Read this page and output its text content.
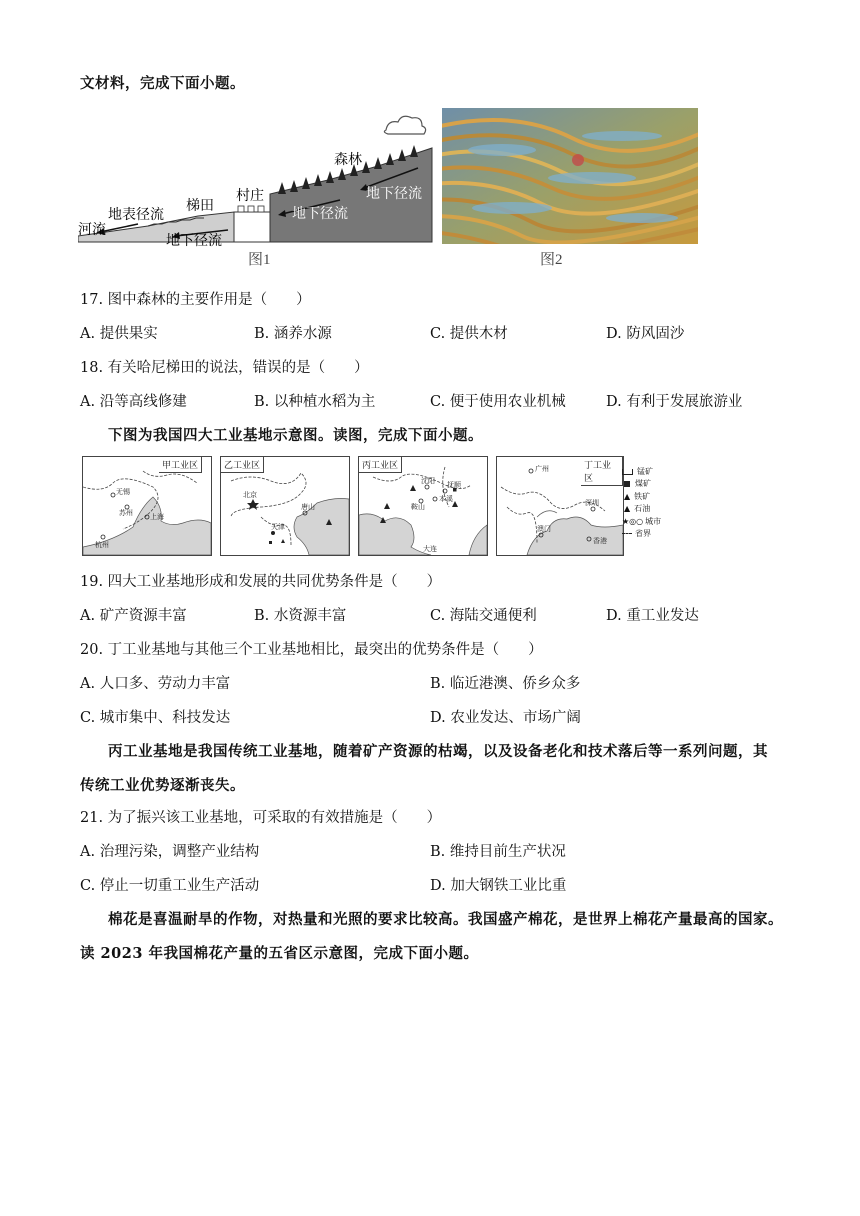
文材料，完成下面小题。
森林
梯田
村庄
地表径流
河流
地下径流
地下径流
地下径流
图1	图2
17. 图中森林的主要作用是（　　）
A. 提供果实	B. 涵养水源	C. 提供木材	D. 防风固沙
18. 有关哈尼梯田的说法，错误的是（　　）
A. 沿等高线修建	B. 以种植水稻为主	C. 便于使用农业机械	D. 有利于发展旅游业
下图为我国四大工业基地示意图。读图，完成下面小题。
无锡
苏州 上海
杭州
甲工业区
北京
唐山
天津
乙工业区
沈阳 抚顺
本溪
鞍山
大连
丙工业区	广州
深圳
香港
澳门
丁工业区
锰矿
煤矿
▲ 铁矿
▲ 石油
★◎○ 城市
省界
19. 四大工业基地形成和发展的共同优势条件是（　　）
A. 矿产资源丰富	B. 水资源丰富	C. 海陆交通便利	D. 重工业发达
20. 丁工业基地与其他三个工业基地相比，最突出的优势条件是（　　）
A. 人口多、劳动力丰富	B. 临近港澳、侨乡众多
C. 城市集中、科技发达	D. 农业发达、市场广阔
丙工业基地是我国传统工业基地，随着矿产资源的枯竭，以及设备老化和技术落后等一系列问题，其
传统工业优势逐渐丧失。
21. 为了振兴该工业基地，可采取的有效措施是（　　）
A. 治理污染，调整产业结构	B. 维持目前生产状况
C. 停止一切重工业生产活动	D. 加大钢铁工业比重
棉花是喜温耐旱的作物，对热量和光照的要求比较高。我国盛产棉花，是世界上棉花产量最高的国家。
读 2023 年我国棉花产量的五省区示意图，完成下面小题。
